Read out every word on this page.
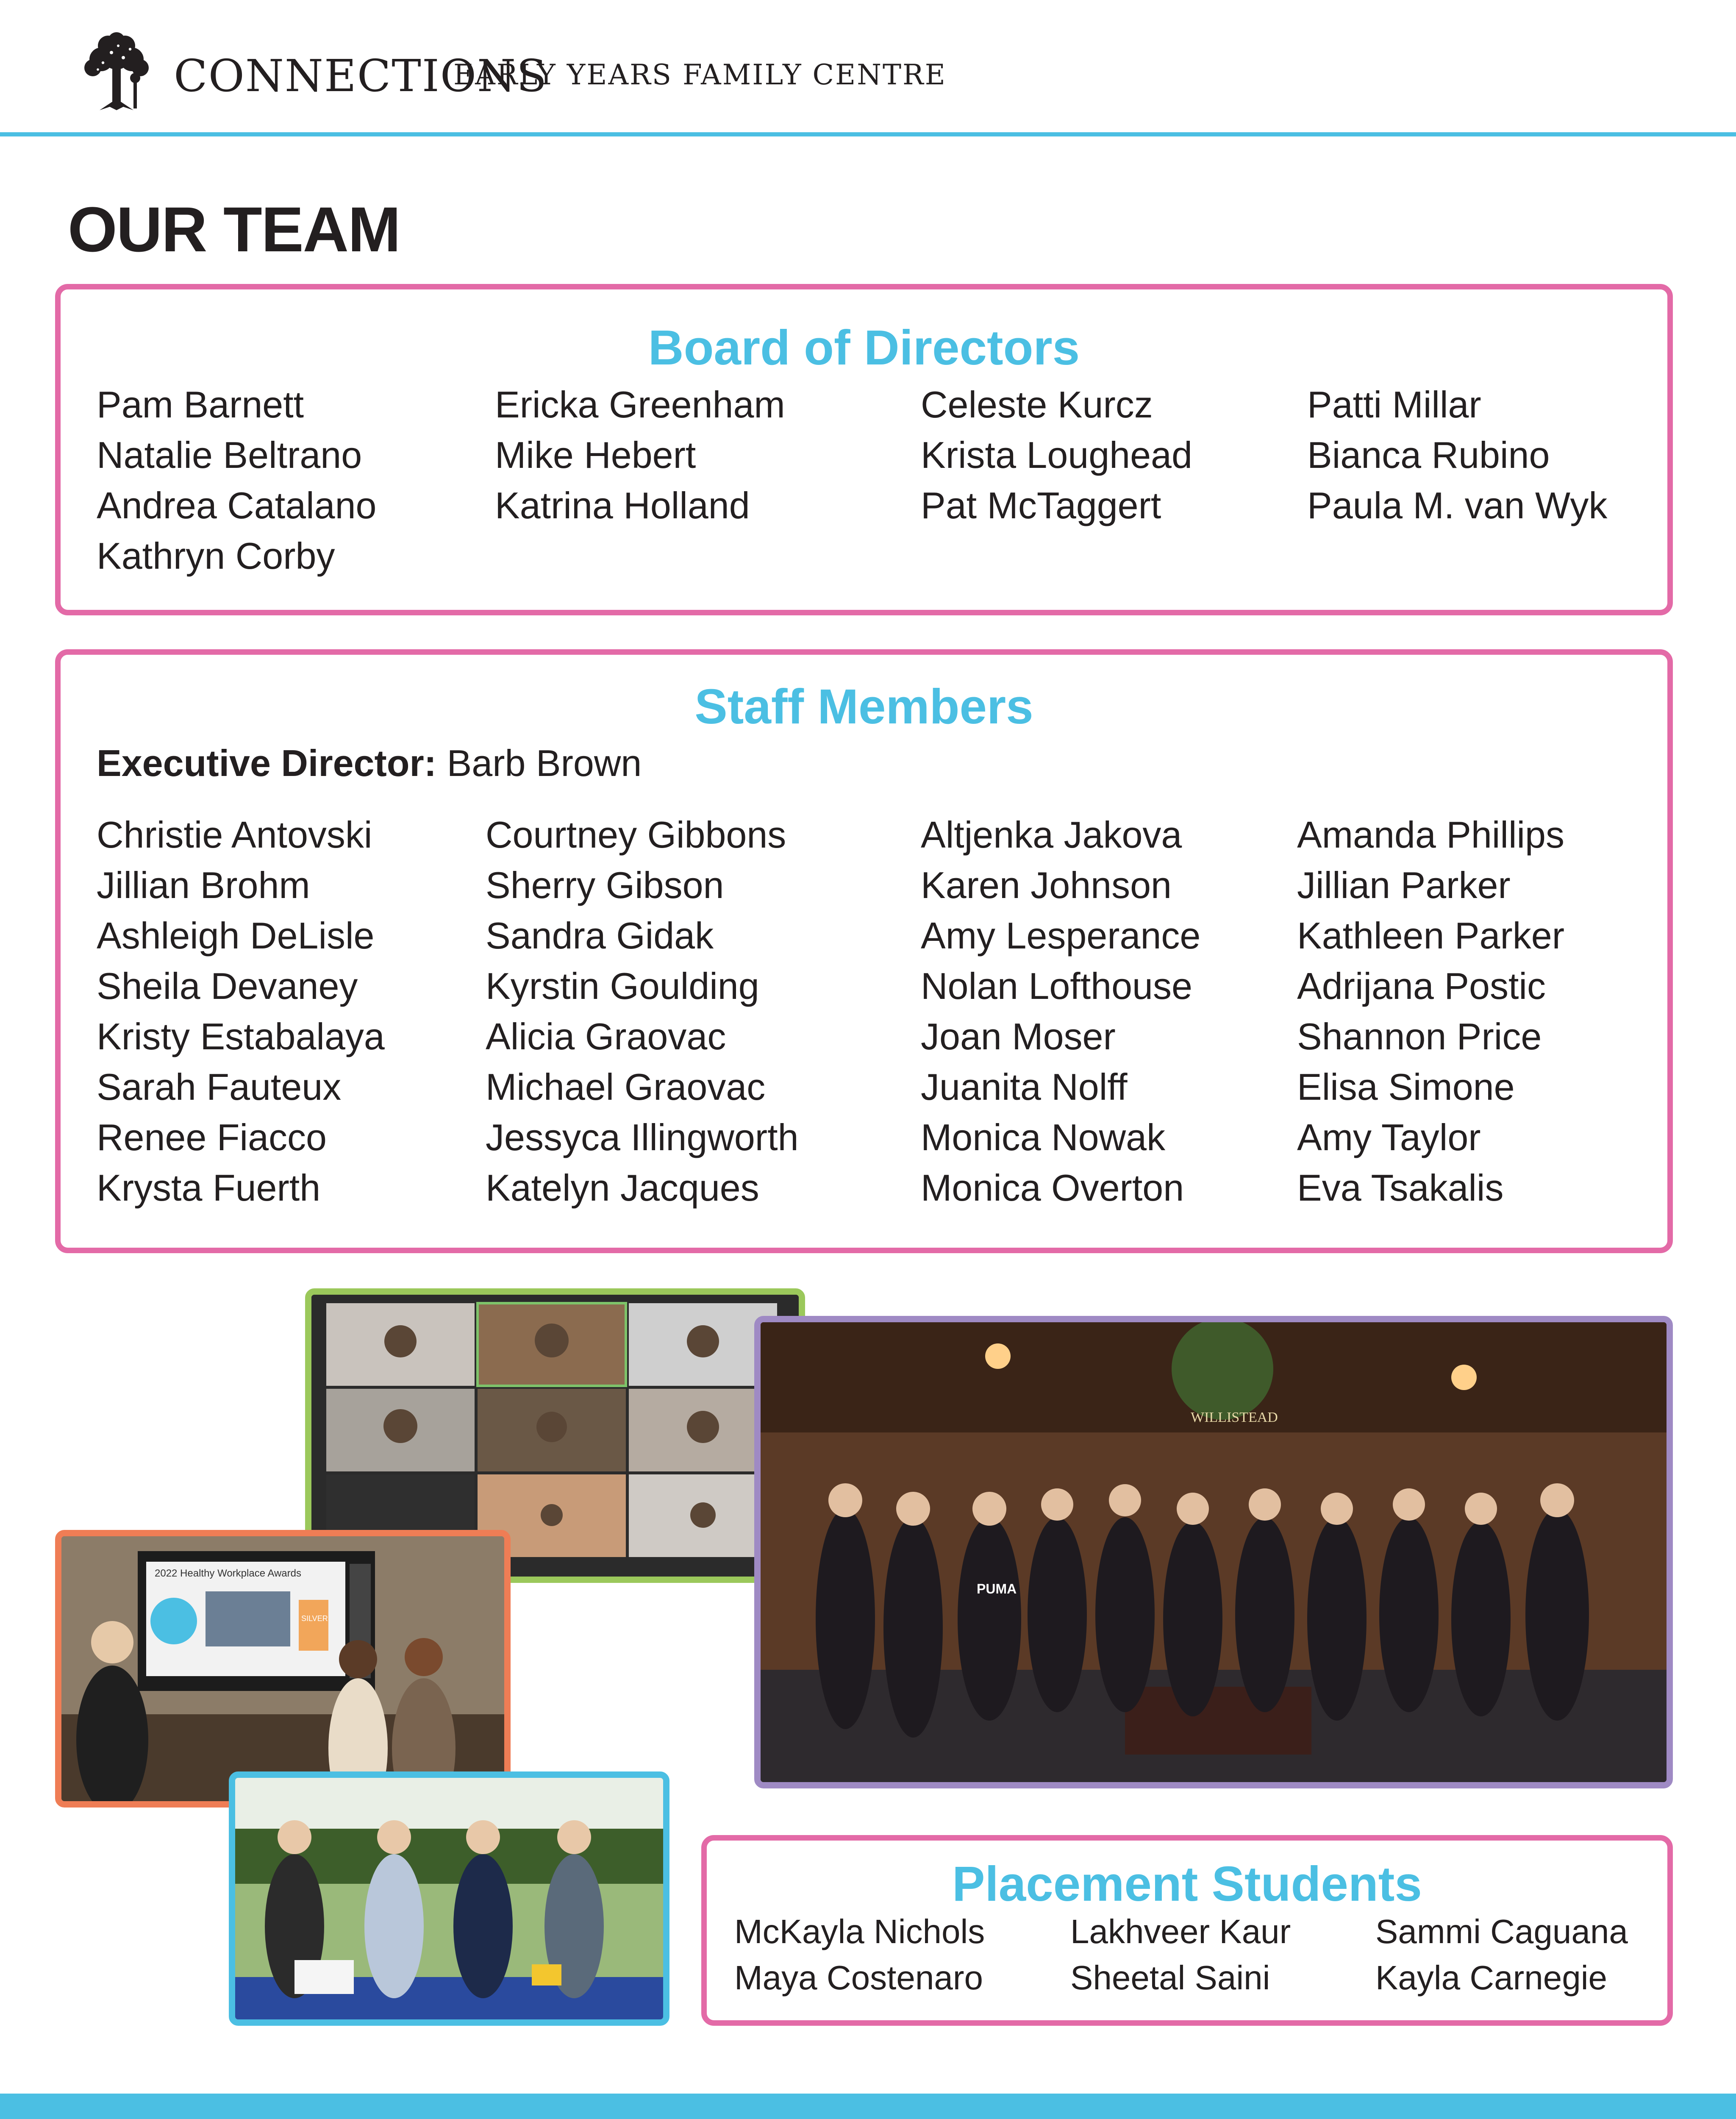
CONNECTIONS
EARLY YEARS FAMILY CENTRE
OUR TEAM
Board of Directors
Pam Barnett
Natalie Beltrano
Andrea Catalano
Kathryn Corby
Ericka Greenham
Mike Hebert
Katrina Holland
Celeste Kurcz
Krista Loughead
Pat McTaggert
Patti Millar
Bianca Rubino
Paula M. van Wyk
Staff Members
Executive Director: Barb Brown
Christie Antovski
Jillian Brohm
Ashleigh DeLisle
Sheila Devaney
Kristy Estabalaya
Sarah Fauteux
Renee Fiacco
Krysta Fuerth
Courtney Gibbons
Sherry Gibson
Sandra Gidak
Kyrstin Goulding
Alicia Graovac
Michael Graovac
Jessyca Illingworth
Katelyn Jacques
Altjenka Jakova
Karen Johnson
Amy Lesperance
Nolan Lofthouse
Joan Moser
Juanita Nolff
Monica Nowak
Monica Overton
Amanda Phillips
Jillian Parker
Kathleen Parker
Adrijana Postic
Shannon Price
Elisa Simone
Amy Taylor
Eva Tsakalis
2022 Healthy Workplace Awards
SILVER
WILLISTEAD
PUMA
Placement Students
McKayla Nichols
Maya Costenaro
Lakhveer Kaur
Sheetal Saini
Sammi Caguana
Kayla Carnegie
